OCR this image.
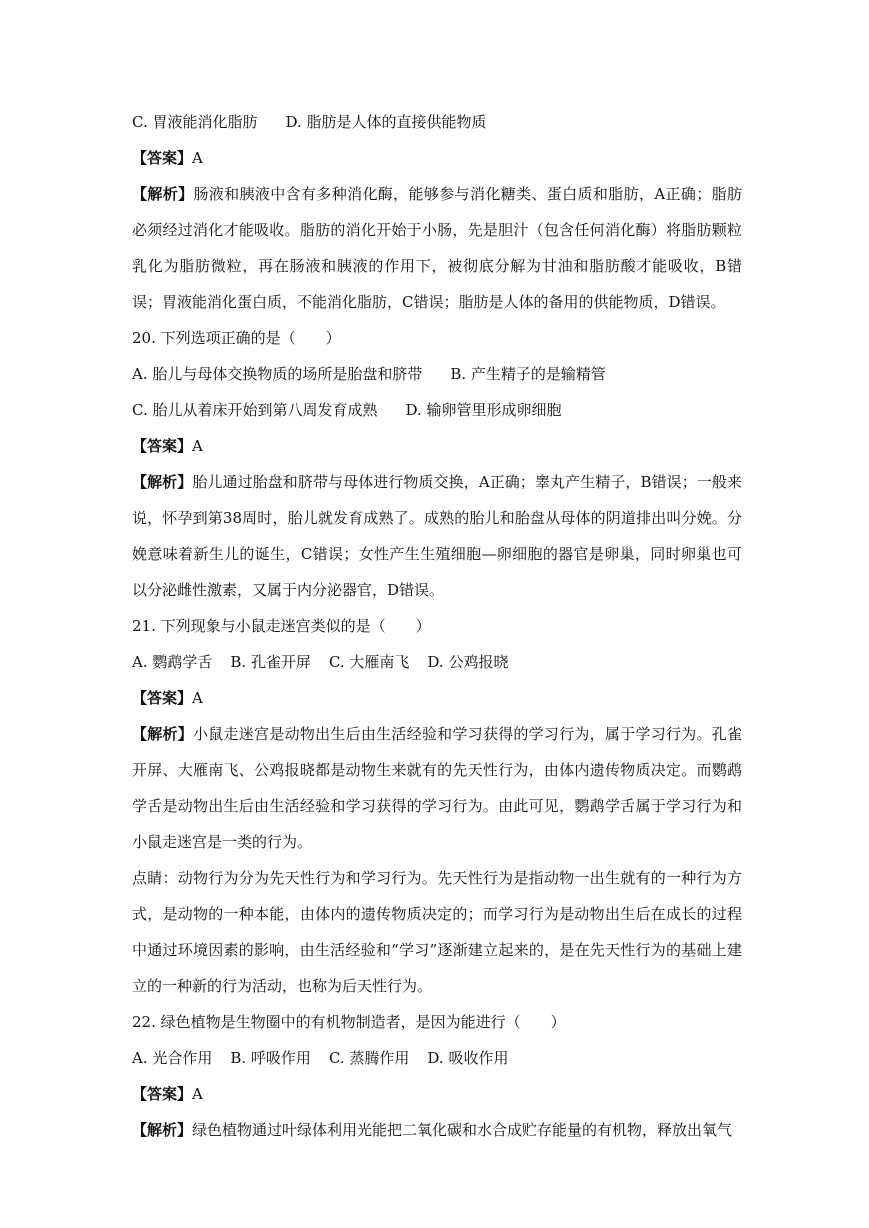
C. 胃液能消化脂肪 D. 脂肪是人体的直接供能物质
【答案】A

【解析】肠液和胰液中含有多种消化酶，能够参与消化糖类、蛋白质和脂肪，A正确；脂肪必须经过消化才能吸收。脂肪的消化开始于小肠，先是胆汁（包含任何消化酶）将脂肪颗粒乳化为脂肪微粒，再在肠液和胰液的作用下，被彻底分解为甘油和脂肪酸才能吸收，B错误；胃液能消化蛋白质，不能消化脂肪，C错误；脂肪是人体的备用的供能物质，D错误。

20. 下列选项正确的是（　　）
A. 胎儿与母体交换物质的场所是胎盘和脐带 B. 产生精子的是输精管
C. 胎儿从着床开始到第八周发育成熟 D. 输卵管里形成卵细胞
【答案】A

【解析】胎儿通过胎盘和脐带与母体进行物质交换，A正确；睾丸产生精子，B错误；一般来说，怀孕到第38周时，胎儿就发育成熟了。成熟的胎儿和胎盘从母体的阴道排出叫分娩。分娩意味着新生儿的诞生，C错误；女性产生生殖细胞—卵细胞的器官是卵巢，同时卵巢也可以分泌雌性激素，又属于内分泌器官，D错误。

21. 下列现象与小鼠走迷宫类似的是（　　）
A. 鹦鹉学舌 B. 孔雀开屏 C. 大雁南飞 D. 公鸡报晓
【答案】A

【解析】小鼠走迷宫是动物出生后由生活经验和学习获得的学习行为，属于学习行为。孔雀开屏、大雁南飞、公鸡报晓都是动物生来就有的先天性行为，由体内遗传物质决定。而鹦鹉学舌是动物出生后由生活经验和学习获得的学习行为。由此可见，鹦鹉学舌属于学习行为和小鼠走迷宫是一类的行为。

点睛：动物行为分为先天性行为和学习行为。先天性行为是指动物一出生就有的一种行为方式，是动物的一种本能，由体内的遗传物质决定的；而学习行为是动物出生后在成长的过程中通过环境因素的影响，由生活经验和“学习”逐渐建立起来的，是在先天性行为的基础上建立的一种新的行为活动，也称为后天性行为。

22. 绿色植物是生物圈中的有机物制造者，是因为能进行（　　）
A. 光合作用 B. 呼吸作用 C. 蒸腾作用 D. 吸收作用
【答案】A

【解析】绿色植物通过叶绿体利用光能把二氧化碳和水合成贮存能量的有机物，释放出氧气
